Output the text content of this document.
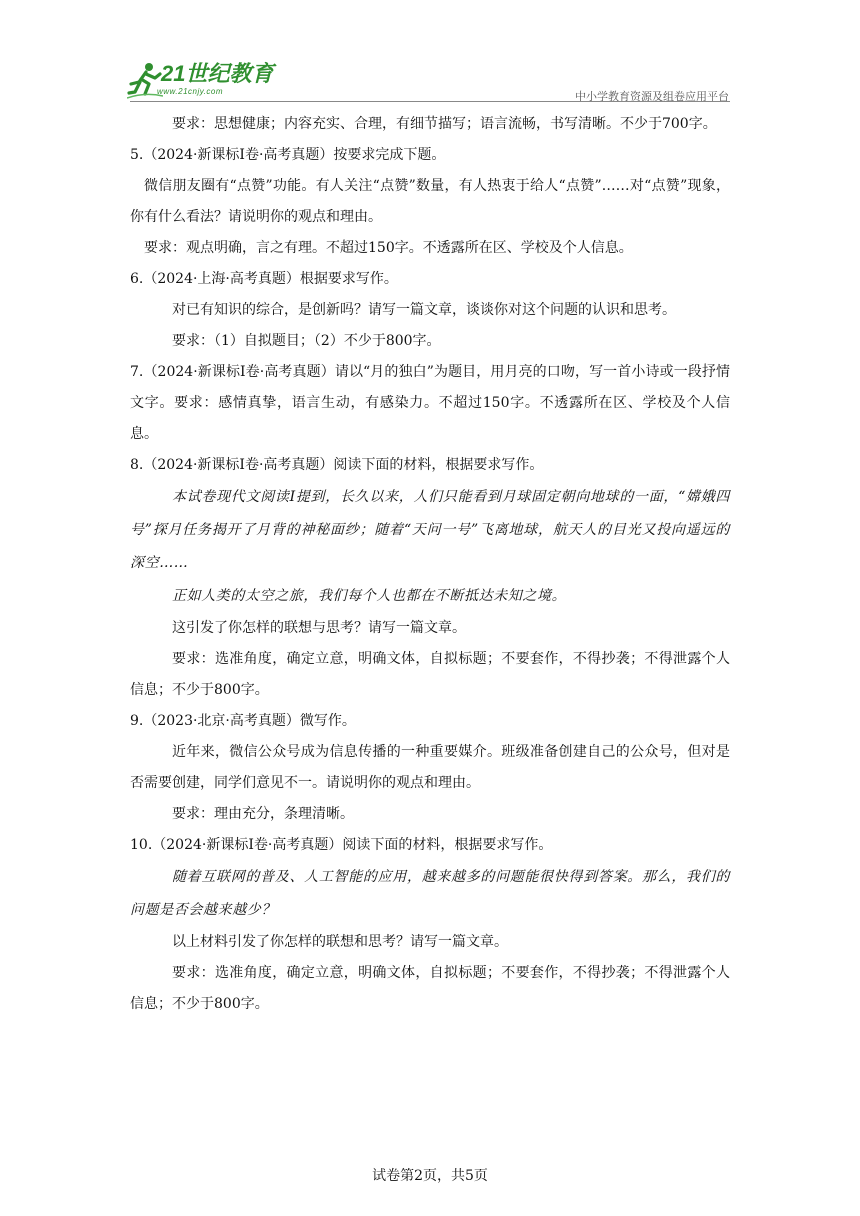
21世纪教育
www.21cnjy.com	中小学教育资源及组卷应用平台

要求：思想健康；内容充实、合理，有细节描写；语言流畅，书写清晰。不少于700字。

5.（2024·新课标Ⅰ卷·高考真题）按要求完成下题。

微信朋友圈有“点赞”功能。有人关注“点赞”数量，有人热衷于给人“点赞”……对“点赞”现象，你有什么看法？请说明你的观点和理由。

要求：观点明确，言之有理。不超过150字。不透露所在区、学校及个人信息。

6.（2024·上海·高考真题）根据要求写作。

对已有知识的综合，是创新吗？请写一篇文章，谈谈你对这个问题的认识和思考。

要求：（1）自拟题目；（2）不少于800字。

7.（2024·新课标Ⅰ卷·高考真题）请以“月的独白”为题目，用月亮的口吻，写一首小诗或一段抒情文字。要求：感情真挚，语言生动，有感染力。不超过150字。不透露所在区、学校及个人信息。

8.（2024·新课标Ⅰ卷·高考真题）阅读下面的材料，根据要求写作。

本试卷现代文阅读Ⅰ提到，长久以来，人们只能看到月球固定朝向地球的一面，“嫦娥四号”探月任务揭开了月背的神秘面纱；随着“天问一号”飞离地球，航天人的目光又投向遥远的深空……

正如人类的太空之旅，我们每个人也都在不断抵达未知之境。

这引发了你怎样的联想与思考？请写一篇文章。

要求：选准角度，确定立意，明确文体，自拟标题；不要套作，不得抄袭；不得泄露个人信息；不少于800字。

9.（2023·北京·高考真题）微写作。

近年来，微信公众号成为信息传播的一种重要媒介。班级准备创建自己的公众号，但对是否需要创建，同学们意见不一。请说明你的观点和理由。

要求：理由充分，条理清晰。

10.（2024·新课标Ⅰ卷·高考真题）阅读下面的材料，根据要求写作。

随着互联网的普及、人工智能的应用，越来越多的问题能很快得到答案。那么，我们的问题是否会越来越少？

以上材料引发了你怎样的联想和思考？请写一篇文章。

要求：选准角度，确定立意，明确文体，自拟标题；不要套作，不得抄袭；不得泄露个人信息；不少于800字。

试卷第2页，共5页
